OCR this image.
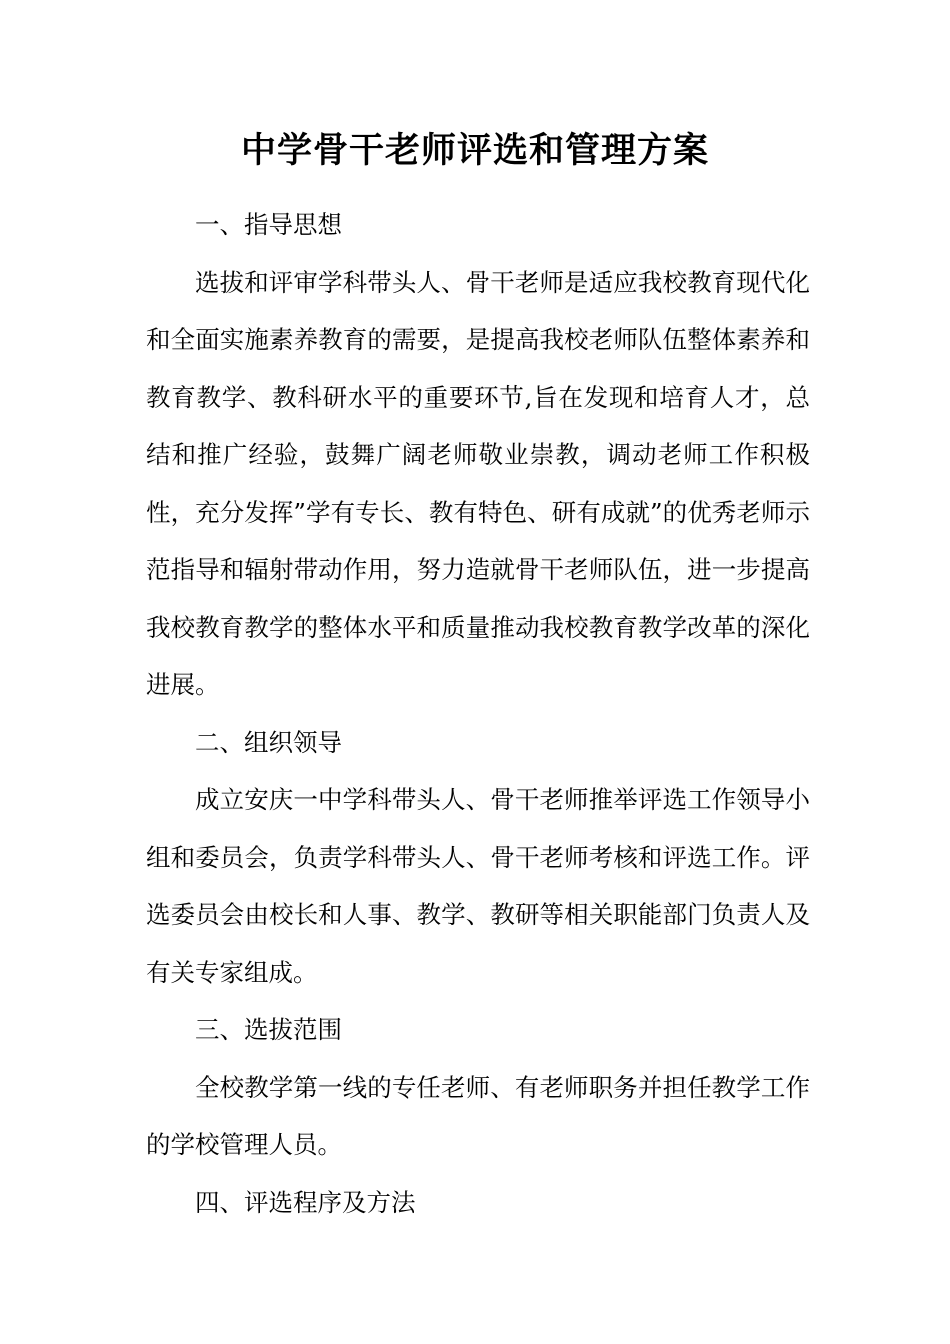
中学骨干老师评选和管理方案

一、指导思想

选拔和评审学科带头人、骨干老师是适应我校教育现代化和全面实施素养教育的需要，是提高我校老师队伍整体素养和教育教学、教科研水平的重要环节,旨在发现和培育人才，总结和推广经验，鼓舞广阔老师敬业崇教，调动老师工作积极性，充分发挥”学有专长、教有特色、研有成就”的优秀老师示范指导和辐射带动作用，努力造就骨干老师队伍，进一步提高我校教育教学的整体水平和质量推动我校教育教学改革的深化进展。

二、组织领导

成立安庆一中学科带头人、骨干老师推举评选工作领导小组和委员会，负责学科带头人、骨干老师考核和评选工作。评选委员会由校长和人事、教学、教研等相关职能部门负责人及有关专家组成。

三、选拔范围

全校教学第一线的专任老师、有老师职务并担任教学工作的学校管理人员。

四、评选程序及方法
